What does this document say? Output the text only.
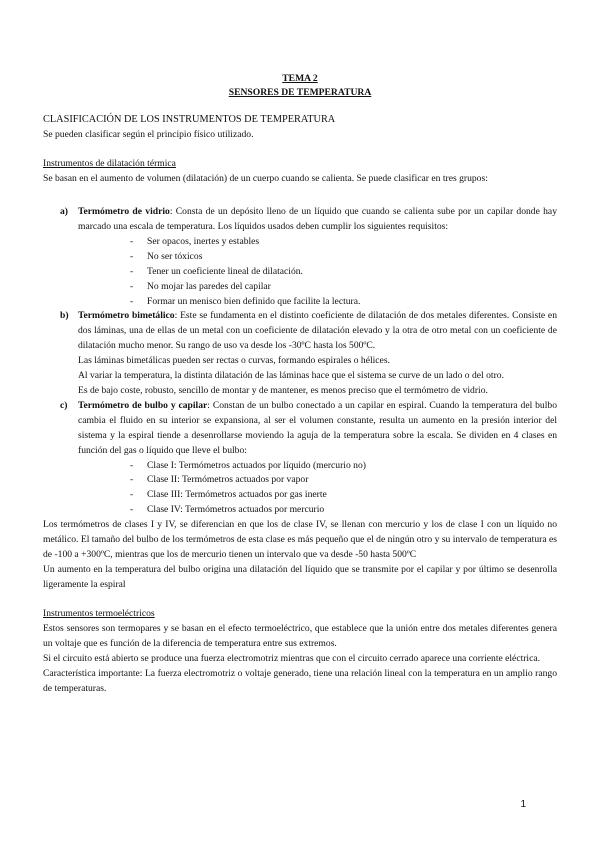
TEMA 2
SENSORES DE TEMPERATURA
CLASIFICACIÓN DE LOS INSTRUMENTOS DE TEMPERATURA

Se pueden clasificar según el principio físico utilizado.

Instrumentos de dilatación térmica

Se basan en el aumento de volumen (dilatación) de un cuerpo cuando se calienta. Se puede clasificar en tres grupos:

a) Termómetro de vidrio: Consta de un depósito lleno de un líquido que cuando se calienta sube por un capilar donde hay marcado una escala de temperatura. Los líquidos usados deben cumplir los siguientes requisitos:

- Ser opacos, inertes y estables
- No ser tóxicos
- Tener un coeficiente lineal de dilatación.
- No mojar las paredes del capilar
- Formar un menisco bien definido que facilite la lectura.
b) Termómetro bimetálico: Este se fundamenta en el distinto coeficiente de dilatación de dos metales diferentes. Consiste en dos láminas, una de ellas de un metal con un coeficiente de dilatación elevado y la otra de otro metal con un coeficiente de dilatación mucho menor. Su rango de uso va desde los -30ºC hasta los 500ºC.

Las láminas bimetálicas pueden ser rectas o curvas, formando espirales o hélices.

Al variar la temperatura, la distinta dilatación de las láminas hace que el sistema se curve de un lado o del otro.

Es de bajo coste, robusto, sencillo de montar y de mantener, es menos preciso que el termómetro de vidrio.

c) Termómetro de bulbo y capilar: Constan de un bulbo conectado a un capilar en espiral. Cuando la temperatura del bulbo cambia el fluido en su interior se expansiona, al ser el volumen constante, resulta un aumento en la presión interior del sistema y la espiral tiende a desenrollarse moviendo la aguja de la temperatura sobre la escala. Se dividen en 4 clases en función del gas o líquido que lleve el bulbo:

- Clase I: Termómetros actuados por líquido (mercurio no)
- Clase II: Termómetros actuados por vapor
- Clase III: Termómetros actuados por gas inerte
- Clase IV: Termómetros actuados por mercurio

Los termómetros de clases I y IV, se diferencian en que los de clase IV, se llenan con mercurio y los de clase I con un líquido no metálico. El tamaño del bulbo de los termómetros de esta clase es más pequeño que el de ningún otro y su intervalo de temperatura es de -100 a +300ºC, mientras que los de mercurio tienen un intervalo que va desde -50 hasta 500ºC

Un aumento en la temperatura del bulbo origina una dilatación del líquido que se transmite por el capilar y por último se desenrolla ligeramente la espiral

Instrumentos termoeléctricos

Estos sensores son termopares y se basan en el efecto termoeléctrico, que establece que la unión entre dos metales diferentes genera un voltaje que es función de la diferencia de temperatura entre sus extremos.

Si el circuito está abierto se produce una fuerza electromotriz mientras que con el circuito cerrado aparece una corriente eléctrica.

Característica importante: La fuerza electromotriz o voltaje generado, tiene una relación lineal con la temperatura en un amplio rango de temperaturas.

1
